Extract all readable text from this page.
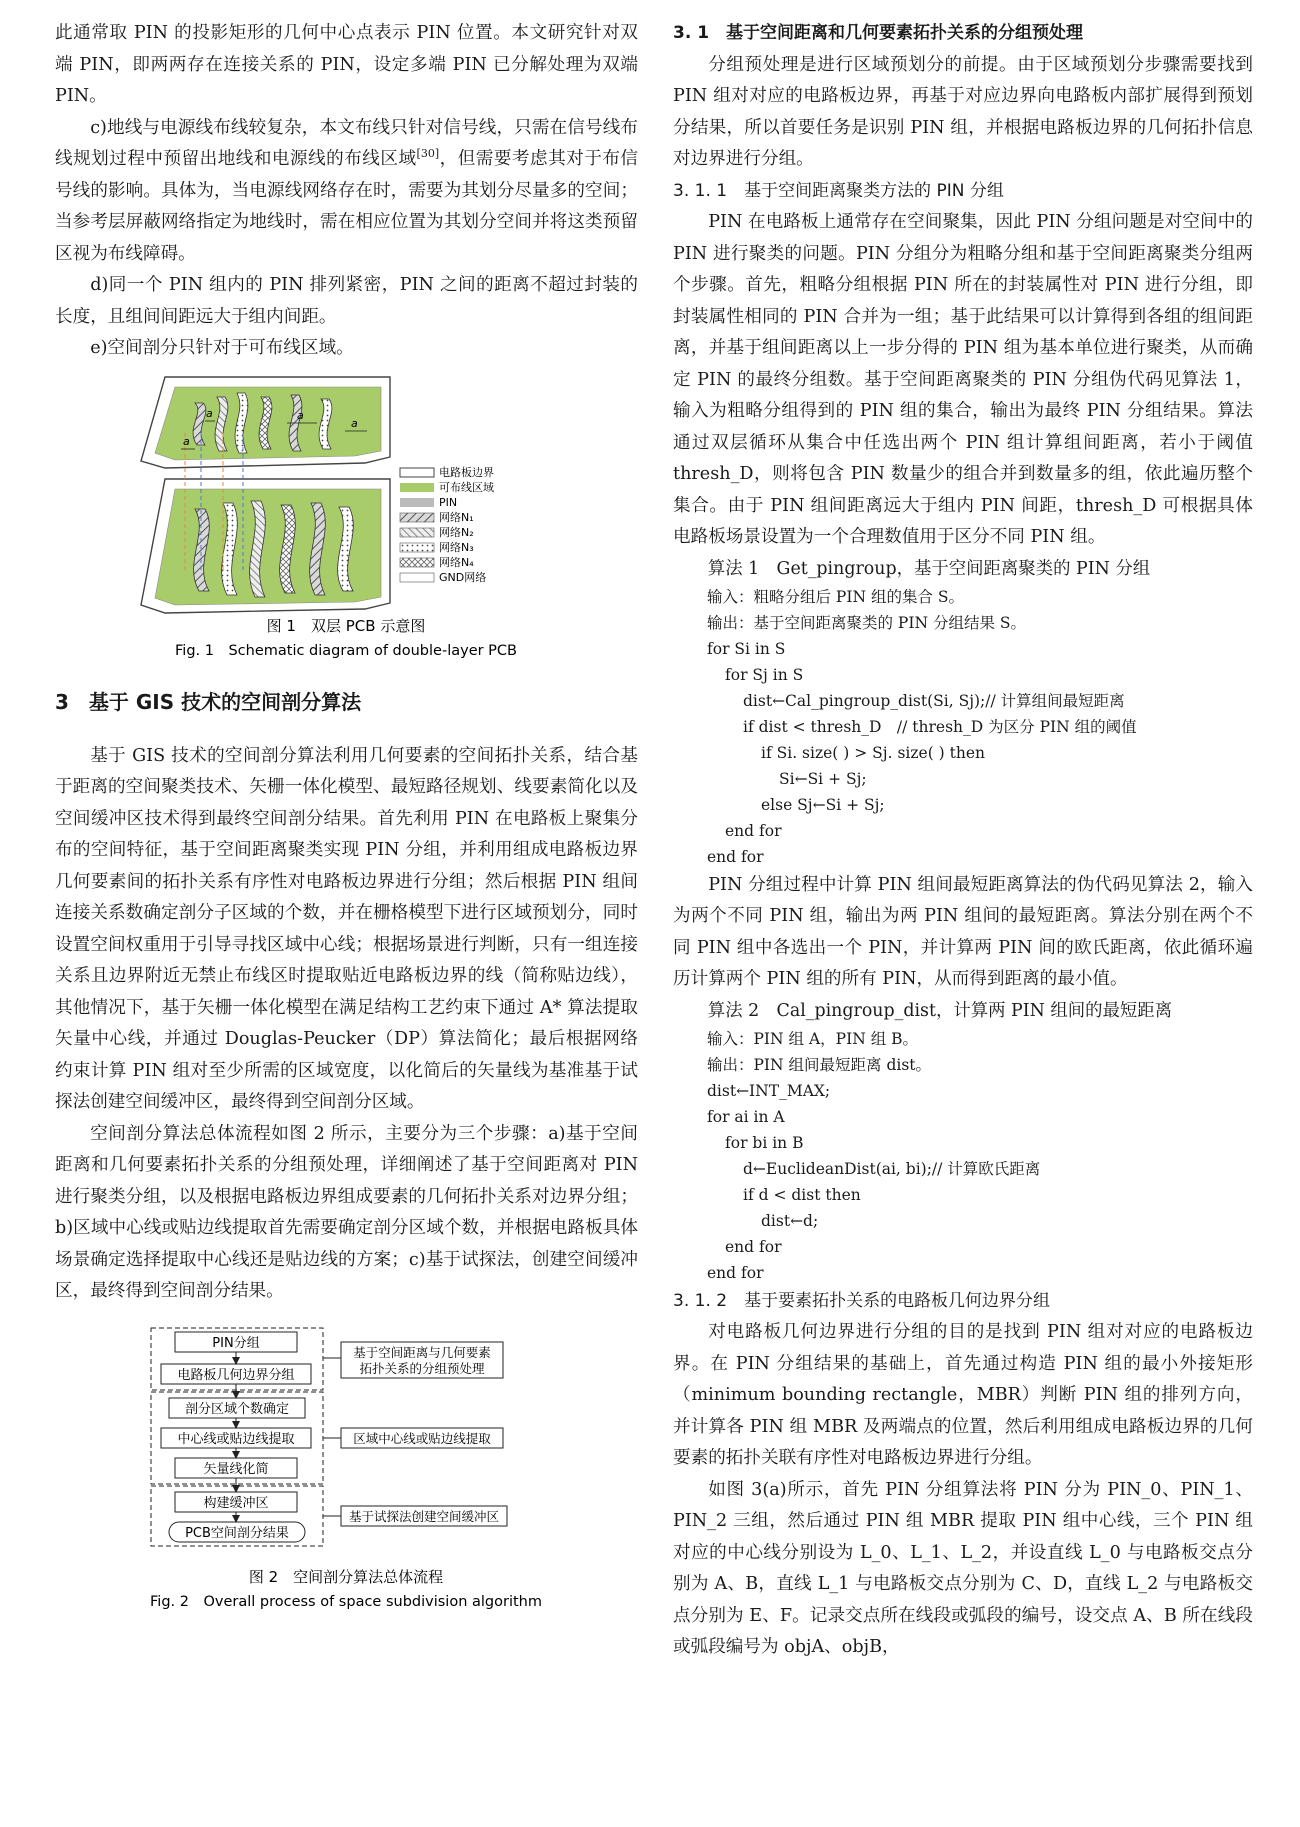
此通常取 PIN 的投影矩形的几何中心点表示 PIN 位置。本文研究针对双端 PIN，即两两存在连接关系的 PIN，设定多端 PIN 已分解处理为双端 PIN。

c)地线与电源线布线较复杂，本文布线只针对信号线，只需在信号线布线规划过程中预留出地线和电源线的布线区域[30]，但需要考虑其对于布信号线的影响。具体为，当电源线网络存在时，需要为其划分尽量多的空间；当参考层屏蔽网络指定为地线时，需在相应位置为其划分空间并将这类预留区视为布线障碍。

d)同一个 PIN 组内的 PIN 排列紧密，PIN 之间的距离不超过封装的长度，且组间间距远大于组内间距。

e)空间剖分只针对于可布线区域。

a	a
a
a
电路板边界
可布线区域
PIN
网络N₁
网络N₂
网络N₃
网络N₄
GND网络
图 1　双层 PCB 示意图
Fig. 1　Schematic diagram of double-layer PCB
3　基于 GIS 技术的空间剖分算法

基于 GIS 技术的空间剖分算法利用几何要素的空间拓扑关系，结合基于距离的空间聚类技术、矢栅一体化模型、最短路径规划、线要素简化以及空间缓冲区技术得到最终空间剖分结果。首先利用 PIN 在电路板上聚集分布的空间特征，基于空间距离聚类实现 PIN 分组，并利用组成电路板边界几何要素间的拓扑关系有序性对电路板边界进行分组；然后根据 PIN 组间连接关系数确定剖分子区域的个数，并在栅格模型下进行区域预划分，同时设置空间权重用于引导寻找区域中心线；根据场景进行判断，只有一组连接关系且边界附近无禁止布线区时提取贴近电路板边界的线（简称贴边线），其他情况下，基于矢栅一体化模型在满足结构工艺约束下通过 A* 算法提取矢量中心线，并通过 Douglas-Peucker（DP）算法简化；最后根据网络约束计算 PIN 组对至少所需的区域宽度，以化简后的矢量线为基准基于试探法创建空间缓冲区，最终得到空间剖分区域。

空间剖分算法总体流程如图 2 所示，主要分为三个步骤：a)基于空间距离和几何要素拓扑关系的分组预处理，详细阐述了基于空间距离对 PIN 进行聚类分组，以及根据电路板边界组成要素的几何拓扑关系对边界分组；b)区域中心线或贴边线提取首先需要确定剖分区域个数，并根据电路板具体场景确定选择提取中心线还是贴边线的方案；c)基于试探法，创建空间缓冲区，最终得到空间剖分结果。

PIN分组
电路板几何边界分组
剖分区域个数确定
中心线或贴边线提取
矢量线化简
构建缓冲区
PCB空间剖分结果
基于空间距离与几何要素
拓扑关系的分组预处理
区域中心线或贴边线提取
基于试探法创建空间缓冲区
图 2　空间剖分算法总体流程
Fig. 2　Overall process of space subdivision algorithm
3. 1　基于空间距离和几何要素拓扑关系的分组预处理

分组预处理是进行区域预划分的前提。由于区域预划分步骤需要找到 PIN 组对对应的电路板边界，再基于对应边界向电路板内部扩展得到预划分结果，所以首要任务是识别 PIN 组，并根据电路板边界的几何拓扑信息对边界进行分组。

3. 1. 1　基于空间距离聚类方法的 PIN 分组

PIN 在电路板上通常存在空间聚集，因此 PIN 分组问题是对空间中的 PIN 进行聚类的问题。PIN 分组分为粗略分组和基于空间距离聚类分组两个步骤。首先，粗略分组根据 PIN 所在的封装属性对 PIN 进行分组，即封装属性相同的 PIN 合并为一组；基于此结果可以计算得到各组的组间距离，并基于组间距离以上一步分得的 PIN 组为基本单位进行聚类，从而确定 PIN 的最终分组数。基于空间距离聚类的 PIN 分组伪代码见算法 1，输入为粗略分组得到的 PIN 组的集合，输出为最终 PIN 分组结果。算法通过双层循环从集合中任选出两个 PIN 组计算组间距离，若小于阈值 thresh_D，则将包含 PIN 数量少的组合并到数量多的组，依此遍历整个集合。由于 PIN 组间距离远大于组内 PIN 间距，thresh_D 可根据具体电路板场景设置为一个合理数值用于区分不同 PIN 组。

算法 1　Get_pingroup，基于空间距离聚类的 PIN 分组
输入：粗略分组后 PIN 组的集合 S。
输出：基于空间距离聚类的 PIN 分组结果 S。
for Si in S
for Sj in S
dist←Cal_pingroup_dist(Si, Sj);// 计算组间最短距离
if dist < thresh_D　// thresh_D 为区分 PIN 组的阈值
if Si. size( ) > Sj. size( ) then
Si←Si + Sj;
else Sj←Si + Sj;
end for
end for

PIN 分组过程中计算 PIN 组间最短距离算法的伪代码见算法 2，输入为两个不同 PIN 组，输出为两 PIN 组间的最短距离。算法分别在两个不同 PIN 组中各选出一个 PIN，并计算两 PIN 间的欧氏距离，依此循环遍历计算两个 PIN 组的所有 PIN，从而得到距离的最小值。

算法 2　Cal_pingroup_dist，计算两 PIN 组间的最短距离
输入：PIN 组 A，PIN 组 B。
输出：PIN 组间最短距离 dist。
dist←INT_MAX;
for ai in A
for bi in B
d←EuclideanDist(ai, bi);// 计算欧氏距离
if d < dist then
dist←d;
end for
end for
3. 1. 2　基于要素拓扑关系的电路板几何边界分组

对电路板几何边界进行分组的目的是找到 PIN 组对对应的电路板边界。在 PIN 分组结果的基础上，首先通过构造 PIN 组的最小外接矩形（minimum bounding rectangle，MBR）判断 PIN 组的排列方向，并计算各 PIN 组 MBR 及两端点的位置，然后利用组成电路板边界的几何要素的拓扑关联有序性对电路板边界进行分组。

如图 3(a)所示，首先 PIN 分组算法将 PIN 分为 PIN_0、PIN_1、PIN_2 三组，然后通过 PIN 组 MBR 提取 PIN 组中心线，三个 PIN 组对应的中心线分别设为 L_0、L_1、L_2，并设直线 L_0 与电路板交点分别为 A、B，直线 L_1 与电路板交点分别为 C、D，直线 L_2 与电路板交点分别为 E、F。记录交点所在线段或弧段的编号，设交点 A、B 所在线段或弧段编号为 objA、objB，
